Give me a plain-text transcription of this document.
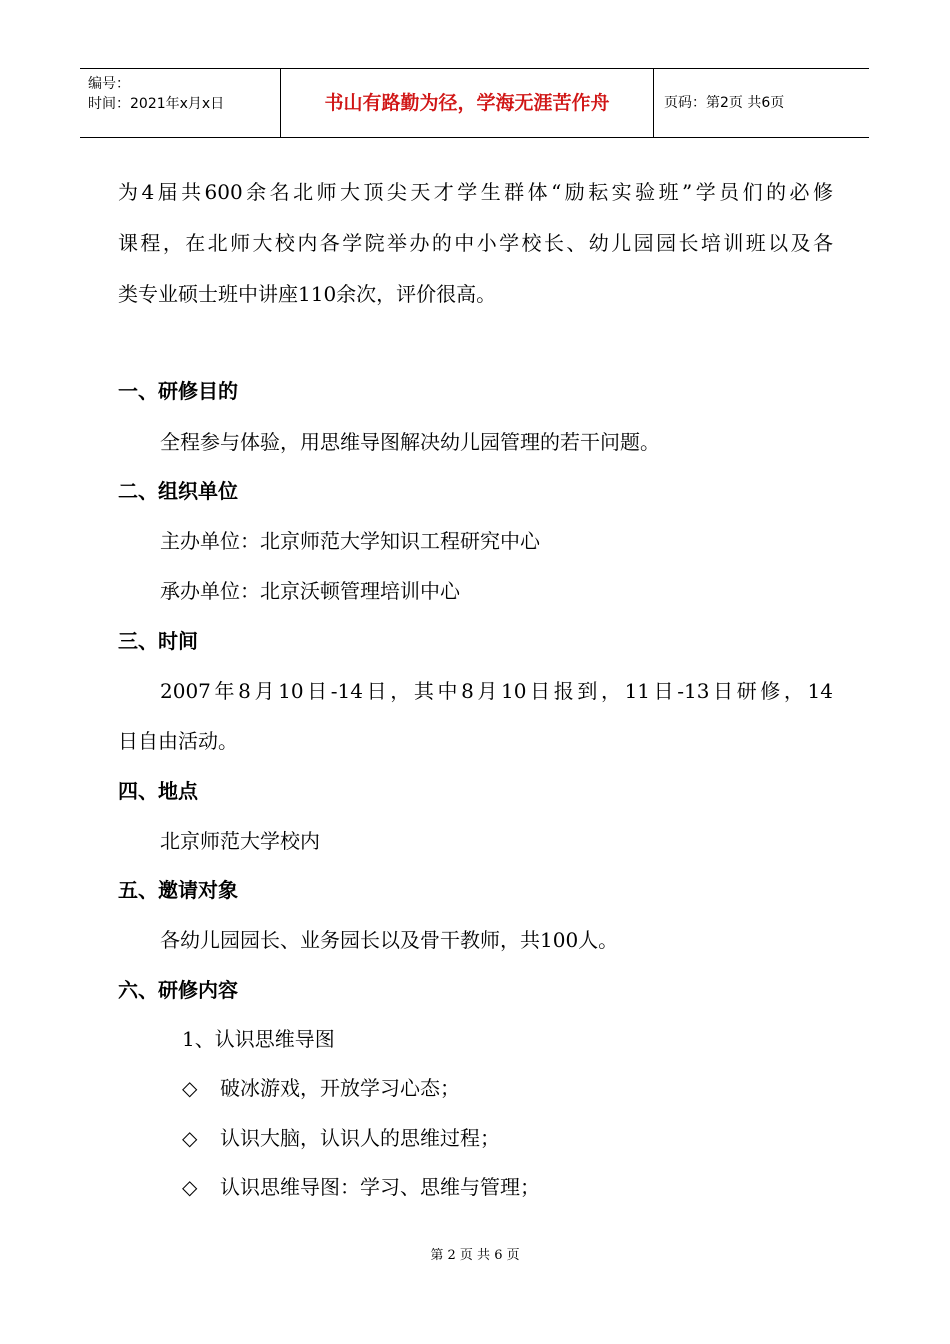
编号：
时间：2021年x月x日	书山有路勤为径，学海无涯苦作舟	页码：第2页 共6页
为4届共600余名北师大顶尖天才学生群体“励耘实验班”学员们的必修
课程，在北师大校内各学院举办的中小学校长、幼儿园园长培训班以及各
类专业硕士班中讲座110余次，评价很高。
一、研修目的
全程参与体验，用思维导图解决幼儿园管理的若干问题。
二、组织单位
主办单位：北京师范大学知识工程研究中心
承办单位：北京沃顿管理培训中心
三、时间
2007年8月10日-14日，其中8月10日报到，11日-13日研修，14
日自由活动。
四、地点
北京师范大学校内
五、邀请对象
各幼儿园园长、业务园长以及骨干教师，共100人。
六、研修内容
1、认识思维导图
◇ 破冰游戏，开放学习心态；
◇ 认识大脑，认识人的思维过程；
◇ 认识思维导图：学习、思维与管理；
第 2 页 共 6 页
